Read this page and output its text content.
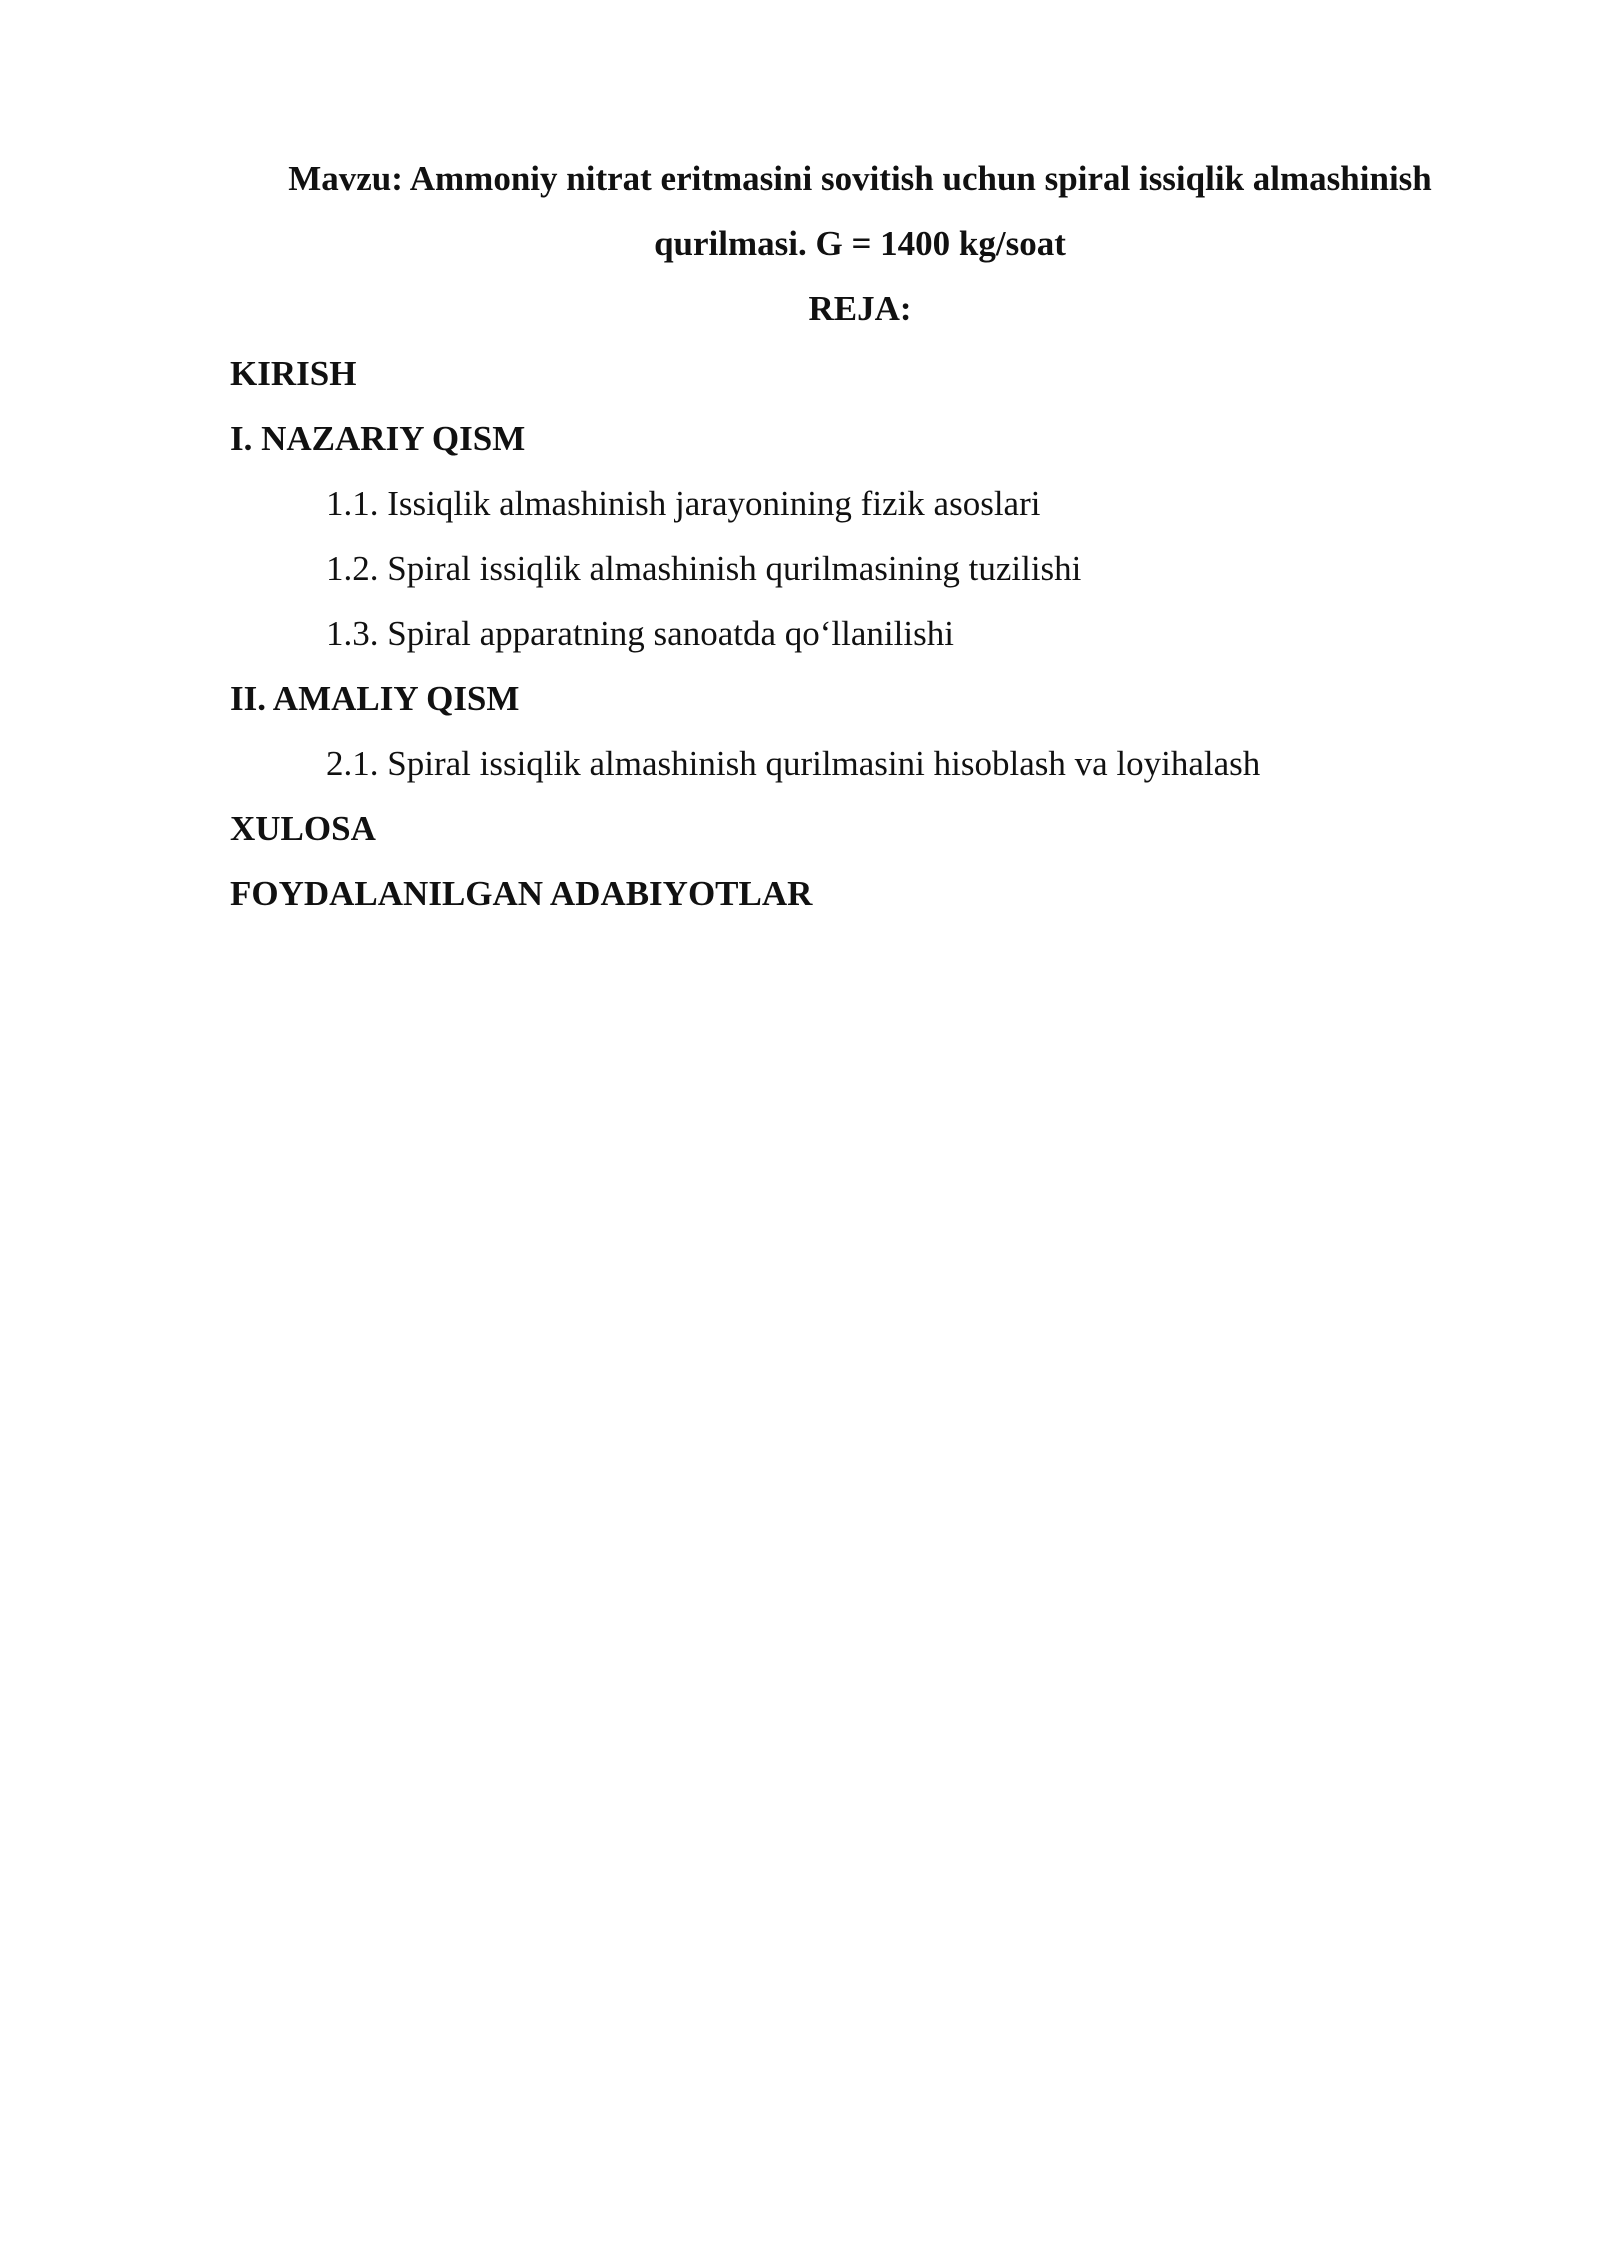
Mavzu: Ammoniy nitrat eritmasini sovitish uchun spiral issiqlik almashinish
qurilmasi. G = 1400 kg/soat
REJA:
KIRISH
I. NAZARIY QISM
1.1. Issiqlik almashinish jarayonining fizik asoslari
1.2. Spiral issiqlik almashinish qurilmasining tuzilishi
1.3. Spiral apparatning sanoatda qo‘llanilishi
II. AMALIY QISM
2.1. Spiral issiqlik almashinish qurilmasini hisoblash va loyihalash
XULOSA
FOYDALANILGAN ADABIYOTLAR
